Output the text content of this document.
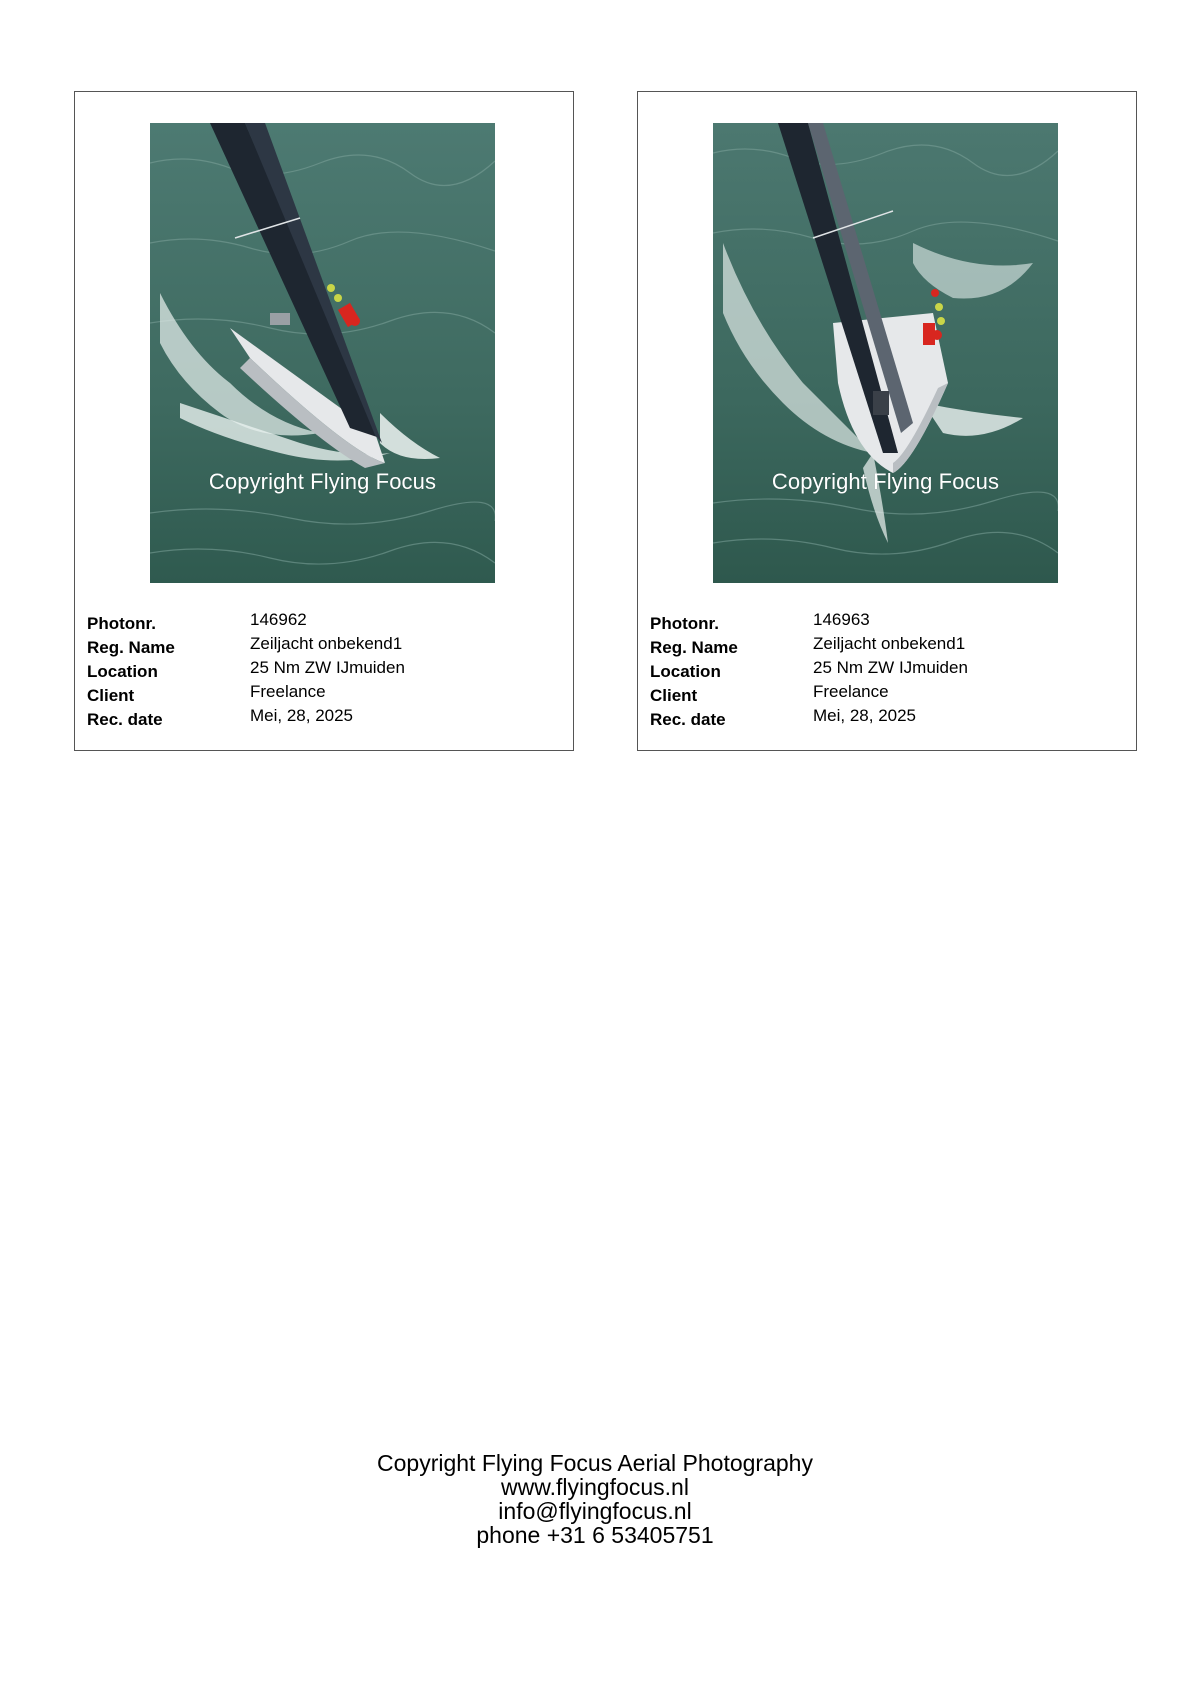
Copyright Flying Focus
Photonr.	146962
Reg. Name	Zeiljacht onbekend1
Location	25 Nm ZW IJmuiden
Client	Freelance
Rec. date	Mei, 28, 2025
Copyright Flying Focus
Photonr.	146963
Reg. Name	Zeiljacht onbekend1
Location	25 Nm ZW IJmuiden
Client	Freelance
Rec. date	Mei, 28, 2025
Copyright Flying Focus Aerial Photography
www.flyingfocus.nl
info@flyingfocus.nl
phone +31 6 53405751
